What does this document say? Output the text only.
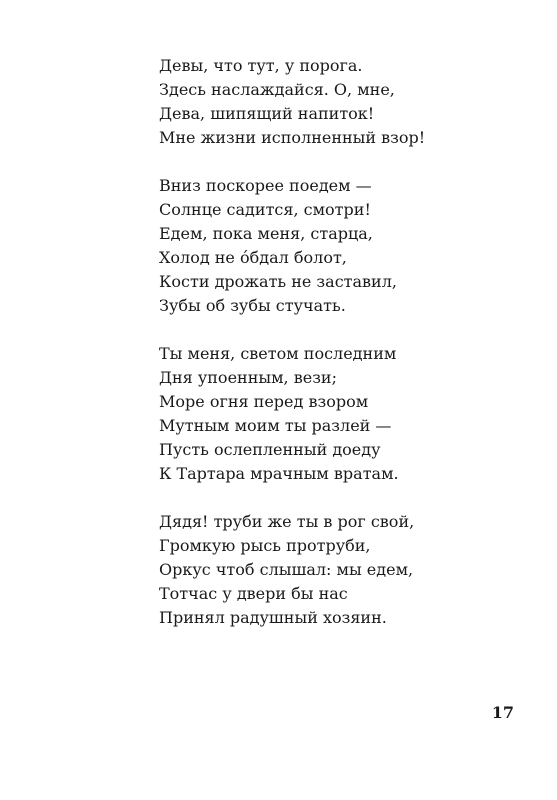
Девы, что тут, у порога.
Здесь наслаждайся. О, мне,
Дева, шипящий напиток!
Мне жизни исполненный взор!
Вниз поскорее поедем —
Солнце садится, смотри!
Едем, пока меня, старца,
Холод не о́бдал болот,
Кости дрожать не заставил,
Зубы об зубы стучать.
Ты меня, светом последним
Дня упоенным, вези;
Море огня перед взором
Мутным моим ты разлей —
Пусть ослепленный доеду
К Тартара мрачным вратам.
Дядя! труби же ты в рог свой,
Громкую рысь протруби,
Оркус чтоб слышал: мы едем,
Тотчас у двери бы нас
Принял радушный хозяин.
17
